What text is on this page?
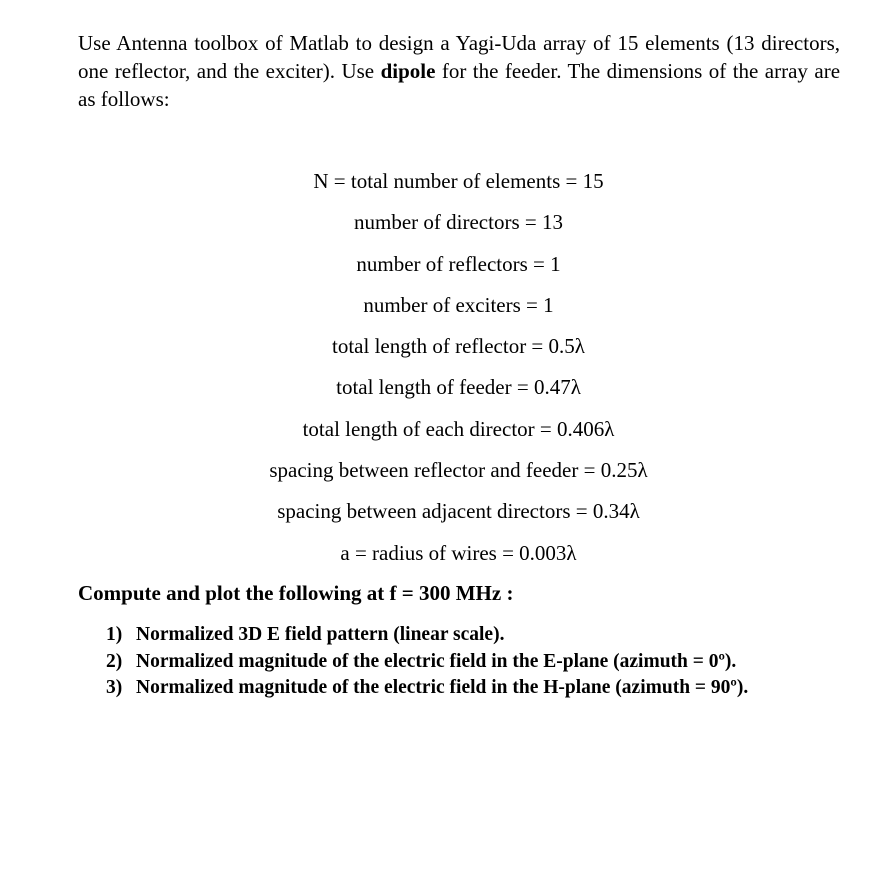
Use Antenna toolbox of Matlab to design a Yagi-Uda array of 15 elements (13 directors, one reflector, and the exciter). Use dipole for the feeder. The dimensions of the array are as follows:

N = total number of elements = 15
number of directors = 13
number of reflectors = 1
number of exciters = 1
total length of reflector = 0.5λ
total length of feeder = 0.47λ
total length of each director = 0.406λ
spacing between reflector and feeder = 0.25λ
spacing between adjacent directors = 0.34λ
a = radius of wires = 0.003λ

Compute and plot the following at f = 300 MHz :

1) Normalized 3D E field pattern (linear scale).
2) Normalized magnitude of the electric field in the E-plane (azimuth = 0º).
3) Normalized magnitude of the electric field in the H-plane (azimuth = 90º).
